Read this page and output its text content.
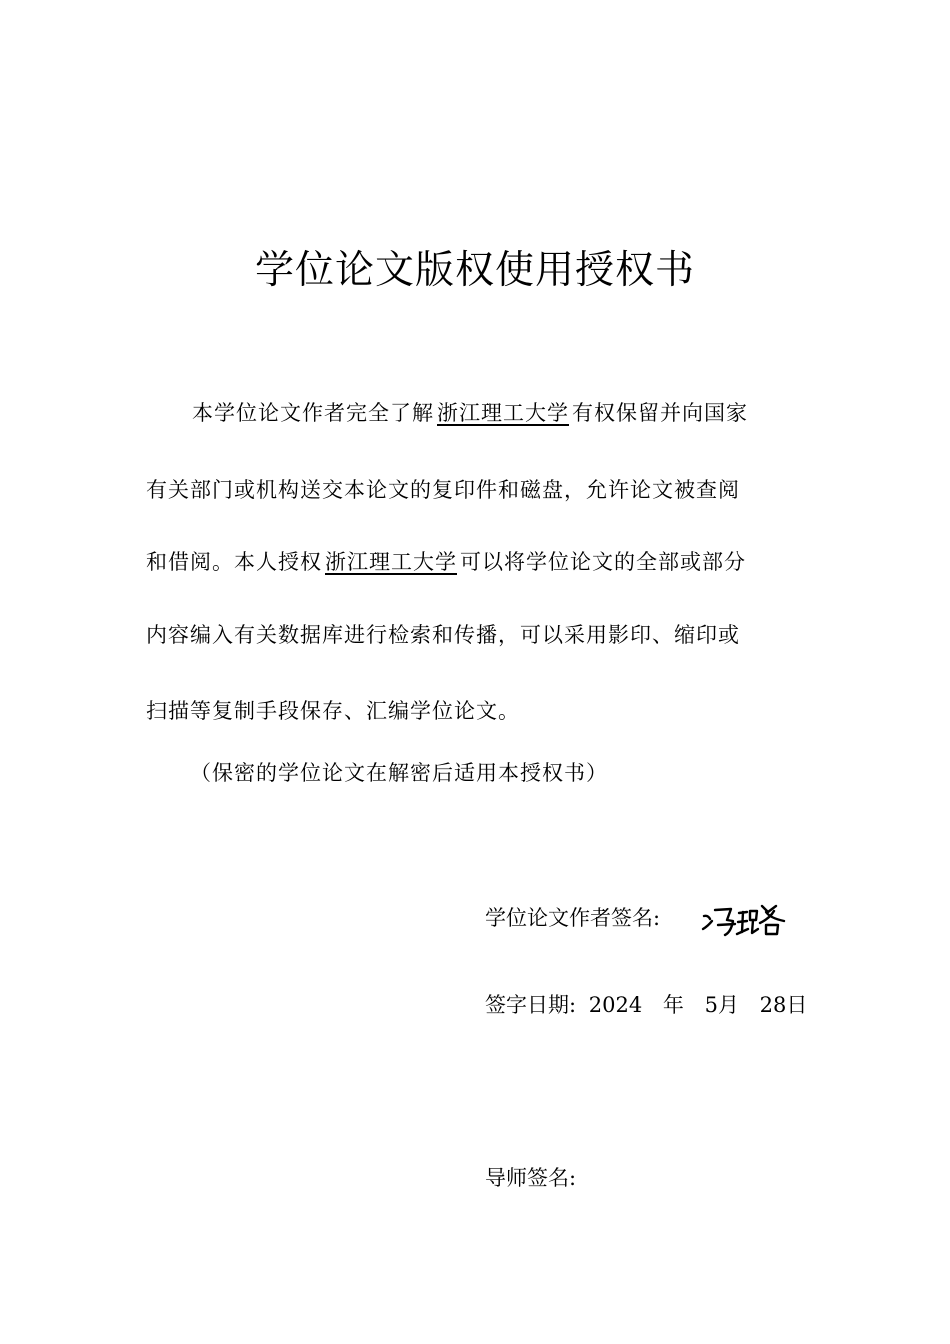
学位论文版权使用授权书
本学位论文作者完全了解 浙江理工大学 有权保留并向国家
有关部门或机构送交本论文的复印件和磁盘，允许论文被查阅
和借阅。本人授权 浙江理工大学 可以将学位论文的全部或部分
内容编入有关数据库进行检索和传播，可以采用影印、缩印或
扫描等复制手段保存、汇编学位论文。
（保密的学位论文在解密后适用本授权书）
学位论文作者签名:
签字日期: 2024 年 5月 28日
导师签名:
